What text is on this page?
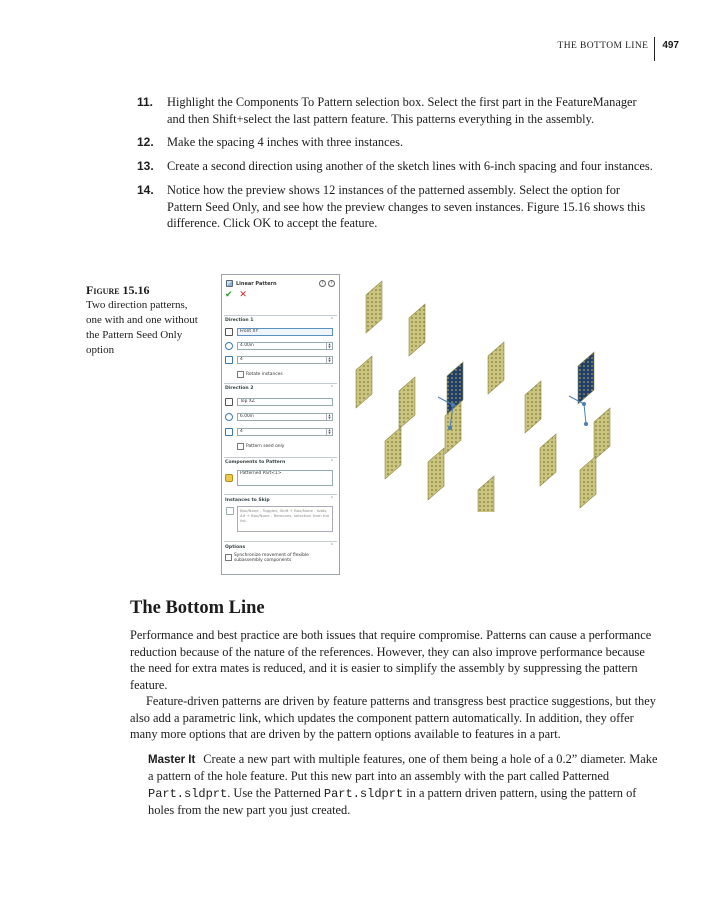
THE BOTTOM LINE	497
11.	Highlight the Components To Pattern selection box. Select the first part in the FeatureManager and then Shift+select the last pattern feature. This patterns everything in the assembly.
12.	Make the spacing 4 inches with three instances.
13.	Create a second direction using another of the sketch lines with 6-inch spacing and four instances.
14.	Notice how the preview shows 12 instances of the patterned assembly. Select the option for Pattern Seed Only, and see how the preview changes to seven instances. Figure 15.16 shows this difference. Click OK to accept the feature.
Figure 15.16
Two direction patterns, one with and one without the Pattern Seed Only option
Linear Pattern	?	?
✔ ✕
Direction 1	⌃
Front XY
4.00in	▲
▼
4	▲
▼
Rotate instances
Direction 2	⌃
Top XZ
6.00in	▲
▼
4	▲
▼
Pattern seed only
Components to Pattern	⌃
Patterned Part<1>
Instances to Skip	⌃
Box/None - Toggles, Shift + Box/None - Adds, Alt + Box/None - Removes, selection from the list.
Options	⌃
Synchronize movement of flexible subassembly components
The Bottom Line

Performance and best practice are both issues that require compromise. Patterns can cause a performance reduction because of the nature of the references. However, they can also improve performance because the need for extra mates is reduced, and it is easier to simplify the assembly by suppressing the pattern feature.

Feature-driven patterns are driven by feature patterns and transgress best practice suggestions, but they also add a parametric link, which updates the component pattern automatically. In addition, they offer many more options that are driven by the pattern options available to features in a part.

Master It Create a new part with multiple features, one of them being a hole of a 0.2” diameter. Make a pattern of the hole feature. Put this new part into an assembly with the part called Patterned Part.sldprt. Use the Patterned Part.sldprt in a pattern driven pattern, using the pattern of holes from the new part you just created.
